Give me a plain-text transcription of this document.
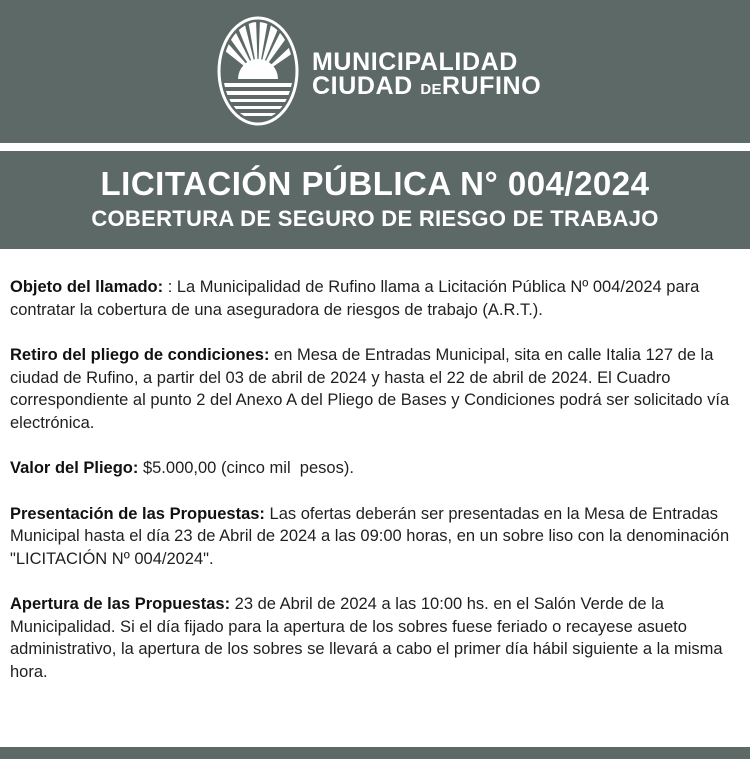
MUNICIPALIDAD
CIUDAD DERUFINO
LICITACIÓN PÚBLICA N° 004/2024
COBERTURA DE SEGURO DE RIESGO DE TRABAJO

Objeto del llamado: : La Municipalidad de Rufino llama a Licitación Pública Nº 004/2024 para contratar la cobertura de una aseguradora de riesgos de trabajo (A.R.T.).

Retiro del pliego de condiciones: en Mesa de Entradas Municipal, sita en calle Italia 127 de la ciudad de Rufino, a partir del 03 de abril de 2024 y hasta el 22 de abril de 2024. El Cuadro correspondiente al punto 2 del Anexo A del Pliego de Bases y Condiciones podrá ser solicitado vía electrónica.

Valor del Pliego: $5.000,00 (cinco mil  pesos).

Presentación de las Propuestas: Las ofertas deberán ser presentadas en la Mesa de Entradas Municipal hasta el día 23 de Abril de 2024 a las 09:00 horas, en un sobre liso con la denominación "LICITACIÓN Nº 004/2024".

Apertura de las Propuestas: 23 de Abril de 2024 a las 10:00 hs. en el Salón Verde de la Municipalidad. Si el día fijado para la apertura de los sobres fuese feriado o recayese asueto administrativo, la apertura de los sobres se llevará a cabo el primer día hábil siguiente a la misma hora.
